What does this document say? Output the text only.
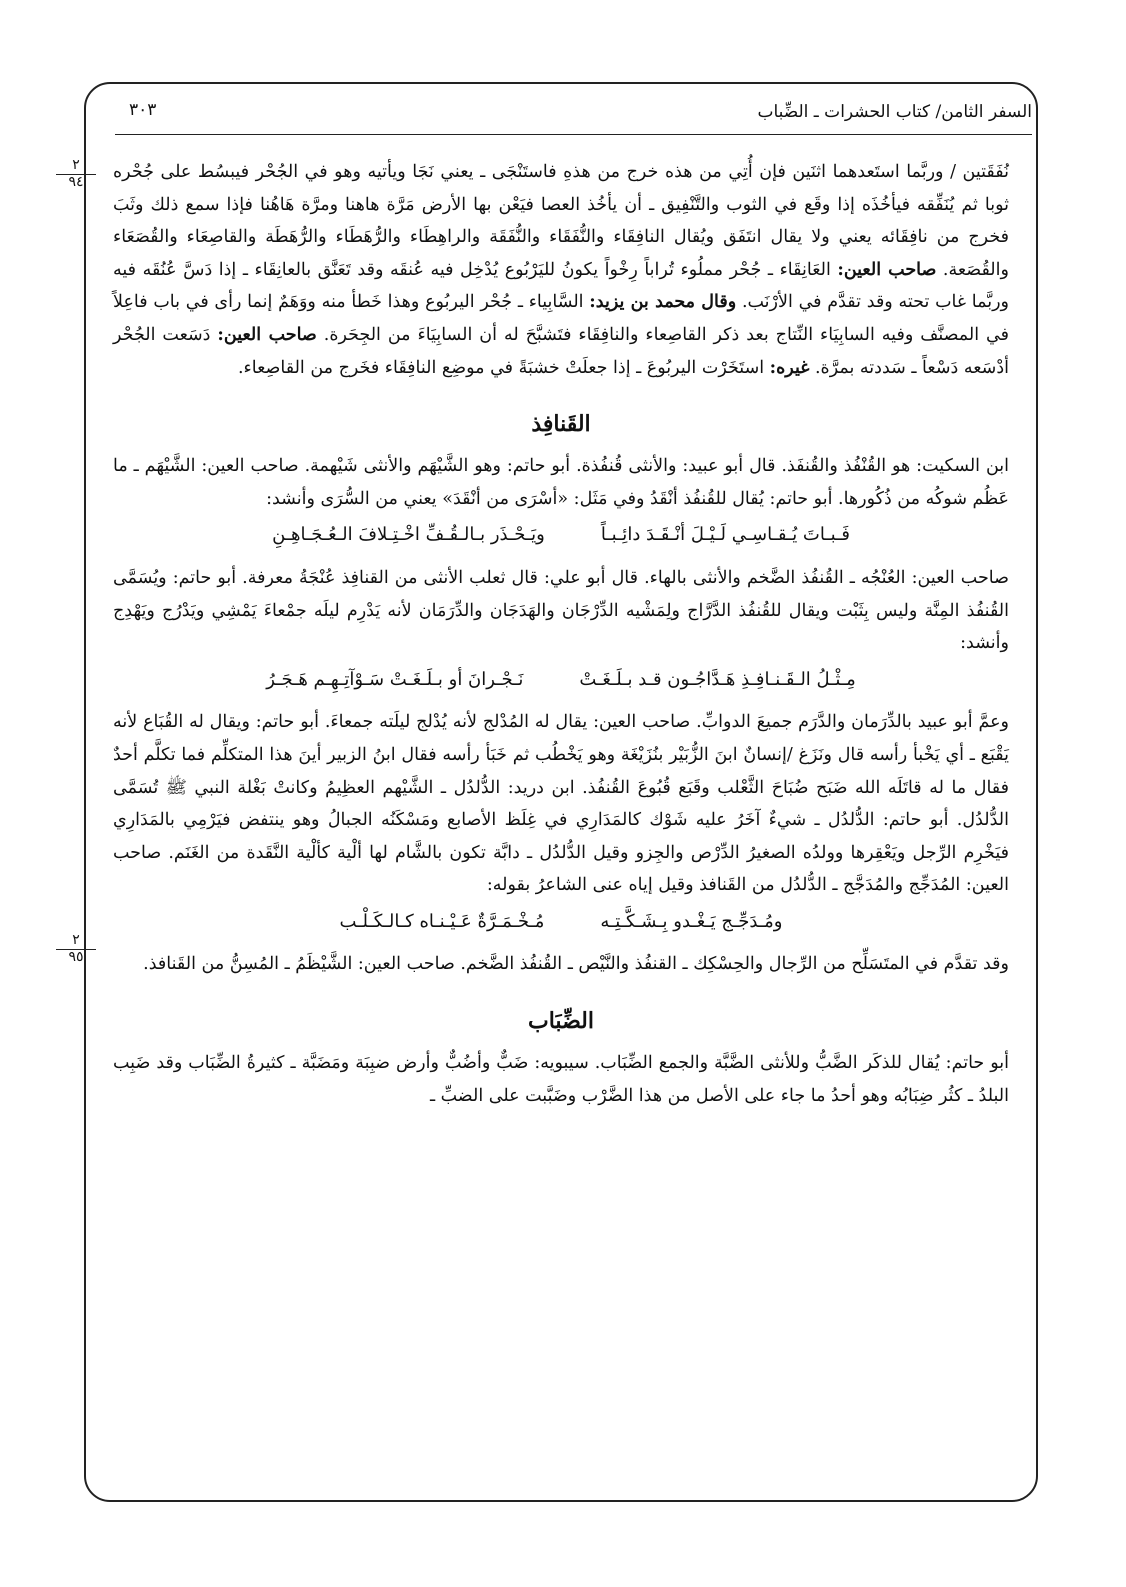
السفر الثامن/ كتاب الحشرات ـ الضِّباب
٣٠٣
٢
٩٤
٢
٩٥

نُفَقَتين / وربَّما استَعدهما اثنَين فإن أُتِي من هذه خرج من هذهِ فاستَنْجَى ـ يعني نَجَا ويأتيه وهو في الجُحْر فيبسُط على جُحْره ثوبا ثم يُنَفِّقه فيأخُذَه إذا وقَع في الثوب والتَّنْفِيق ـ أن يأخُذ العصا فيَعْن بها الأرض مَرَّة هاهنا ومرَّة هَاهُنا فإذا سمع ذلك وثَبَ فخرج من نافِقَائه يعني ولا يقال انتَفَق ويُقال النافِقَاء والنُّفَقَاء والنُّفَقَة والراهِطَاء والرُّهَطَاء والرُّهَطَة والقاصِعَاء والقُصَعَاء والقُصَعة. صاحب العين: العَانِقَاء ـ جُحْر مملُوء تُراباً رِخْواً يكونُ لليَرْبُوع يُدْخِل فيه عُنقَه وقد تَعَنَّق بالعانِقَاء ـ إذا دَسَّ عُنُقَه فيه وربَّما غاب تحته وقد تقدَّم في الأرْنَب. وقال محمد بن يزيد: السَّابِياء ـ جُحْر اليربُوع وهذا خَطأ منه ووَهَمٌ إنما رأى في باب فاعِلاً في المصنَّف وفيه السابِيَاء النِّتاج بعد ذكر القاصِعاء والنافِقَاء فتَشبَّحَ له أن السابِيَاءَ من الجِحَرة. صاحب العين: دَسَعت الجُحْر أدْسَعه دَسْعاً ـ سَددته بمرَّة. غيره: استَخَرْت اليربُوعَ ـ إذا جعلَتْ خشبَةً في موضِع النافِقَاء فخَرج من القاصِعاء.

القَنافِذ

ابن السكيت: هو القُنْفُذ والقُنفَذ. قال أبو عبيد: والأنثى قُنفُذة. أبو حاتم: وهو الشَّيْهَم والأنثى شَيْهمة. صاحب العين: الشَّيْهَم ـ ما عَظُم شوكُه من ذُكُورها. أبو حاتم: يُقال للقُنفُذ أنْقَدُ وفي مَثَل: «أسْرَى من أنْقَدَ» يعني من السُّرَى وأنشد:

فَـبـاتَ يُـقـاسِـي لَـيْـلَ أنْـقَـدَ دائِـبـاً
ويَـحْـذَر بـالـقُـفِّ اخْـتِـلافَ الـعُـجَـاهِـنِ

صاحب العين: العُنْجُه ـ القُنفُذ الضَّخم والأنثى بالهاء. قال أبو علي: قال ثعلب الأنثى من القنافِذ عُنْجَةُ معرفة. أبو حاتم: ويُسَمَّى القُنفُذ المِنَّة وليس بِثَبْت ويقال للقُنفُذ الدَّرَّاج ولِمَشْيه الدِّرْجَان والهَدَجَان والدِّرَمَان لأنه يَدْرِم ليلَه جمْعاءَ يَمْشِي ويَدْرُج ويَهْدِج وأنشد:

مِـثْـلُ الـقَـنـافِـذِ هَـدَّاجُـون قـد بـلَـغَـتْ
نَـجْـرانَ أو بـلَـغَـتْ سَـوْآتِـهِـم هَـجَـرُ

وعمَّ أبو عبيد بالدِّرَمان والدَّرَم جميعَ الدوابِّ. صاحب العين: يقال له المُدْلج لأنه يُدْلج ليلَته جمعاءَ. أبو حاتم: ويقال له القُبَاع لأنه يَقْبَع ـ أي يَخْبأ رأسه قال ونَزَغ /إنسانٌ ابنَ الزُّبَيْر بنُزَيْغَة وهو يَخْطُب ثم خَبَأ رأسه فقال ابنُ الزبير أينَ هذا المتكلِّم فما تكلَّم أحدٌ فقال ما له قاتَلَه الله ضَبَح ضُبَاحَ الثَّعْلب وقَبَع قُبُوعَ القُنفُذ. ابن دريد: الدُّلدُل ـ الشَّيْهم العظِيمُ وكانتْ بَغْلة النبي ﷺ تُسَمَّى الدُّلدُل. أبو حاتم: الدُّلدُل ـ شيءٌ آخَرُ عليه شَوْك كالمَدَارِي في غِلَظ الأصابع ومَسْكَنُه الجبالُ وهو ينتفض فيَرْمِي بالمَدَارِي فيَخْرِم الرِّجل ويَعْقِرها وولدُه الصغيرُ الدِّرْص والجِزو وقيل الدُّلدُل ـ دابَّة تكون بالشَّام لها ألْية كألْية النَّقَدة من الغَنَم. صاحب العين: المُدَجِّج والمُدَجَّج ـ الدُّلدُل من القَنافذ وقيل إياه عنى الشاعرُ بقوله:

ومُـدَجِّـج يَـغْـدو بِـشَـكَّـتِـه
مُـخْـمَـرَّةٌ عَـيْـنـاه كـالـكَـلْـب

وقد تقدَّم في المتَسَلِّح من الرِّجال والحِسْكِك ـ القنفُذ والنَّيْص ـ القُنفُذ الضَّخم. صاحب العين: الشَّيْظَمُ ـ المُسِنُّ من القَنافذ.

الضِّبَاب

أبو حاتم: يُقال للذكَر الضَّبُّ وللأنثى الضَّبَّة والجمع الضِّبَاب. سيبويه: ضَبٌّ وأضُبٌّ وأرض ضبِبَة ومَضَبَّة ـ كثيرةُ الضِّبَاب وقد ضَبِب البلدُ ـ كثُر ضِبَابُه وهو أحدُ ما جاء على الأصل من هذا الضَّرْب وضَبَّبت على الضبِّ ـ
